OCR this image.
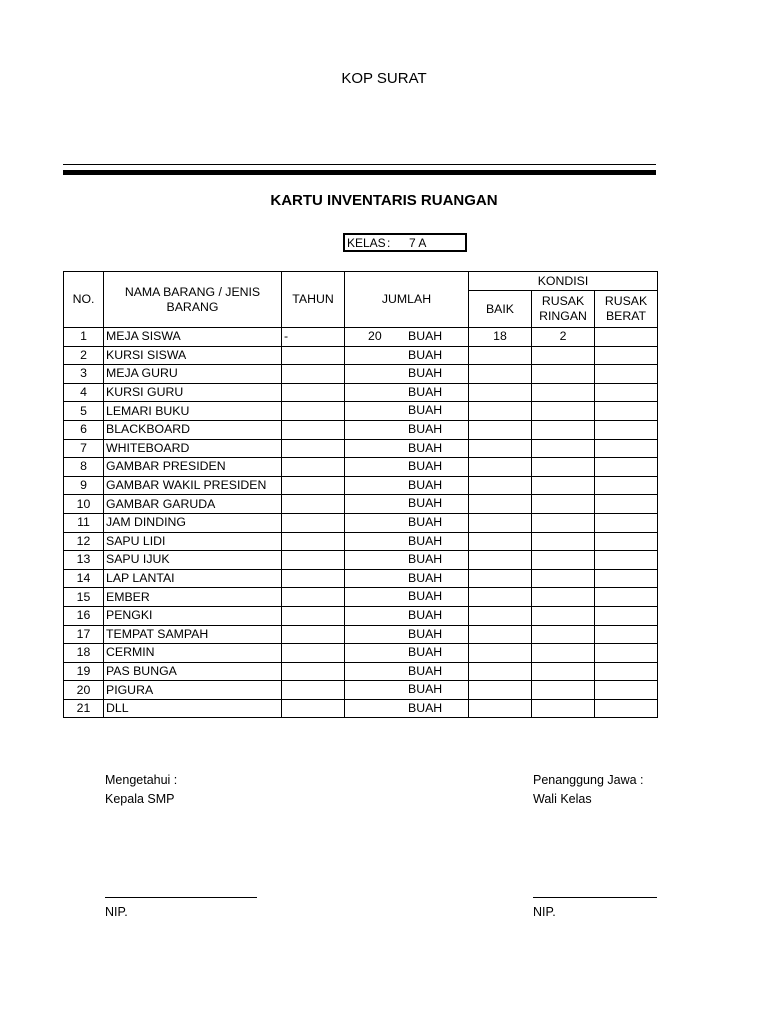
KOP SURAT
KARTU INVENTARIS RUANGAN
KELAS : 7 A
NO.	NAMA BARANG / JENIS BARANG	TAHUN	JUMLAH	KONDISI		
				BAIK	RUSAK RINGAN	RUSAK BERAT
1	MEJA SISWA	-	20 BUAH	18	2	
2	KURSI SISWA		BUAH			

3	MEJA GURU		BUAH			

4	KURSI GURU		BUAH			

5	LEMARI BUKU		BUAH			

6	BLACKBOARD		BUAH			

7	WHITEBOARD		BUAH			

8	GAMBAR PRESIDEN		BUAH			

9	GAMBAR WAKIL PRESIDEN		BUAH			

10	GAMBAR GARUDA		BUAH			

11	JAM DINDING		BUAH			

12	SAPU LIDI		BUAH			

13	SAPU IJUK		BUAH			

14	LAP LANTAI		BUAH			

15	EMBER		BUAH			

16	PENGKI		BUAH			

17	TEMPAT SAMPAH		BUAH			

18	CERMIN		BUAH			

19	PAS BUNGA		BUAH			

20	PIGURA		BUAH			

21	DLL		BUAH			

Mengetahui :
Kepala SMP
NIP.
Penanggung Jawa :
Wali Kelas
NIP.
